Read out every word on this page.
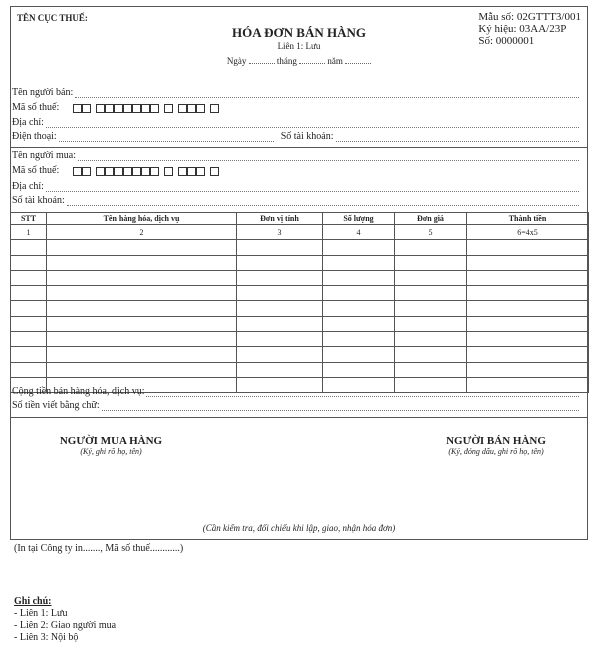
TÊN CỤC THUẾ:	Mẫu số: 02GTTT3/001
Ký hiệu: 03AA/23P
Số: 0000001
HÓA ĐƠN BÁN HÀNG
Liên 1: Lưu
Ngày	tháng	năm
Tên người bán:
Mã số thuế:
Địa chỉ:
Điện thoại:	Số tài khoản:
Tên người mua:
Mã số thuế:
Địa chỉ:
Số tài khoản:
STT	Tên hàng hóa, dịch vụ	Đơn vị tính	Số lượng	Đơn giá	Thành tiền
1	2	3	4	5	6=4x5

Cộng tiền bán hàng hóa, dịch vụ:
Số tiền viết bằng chữ:
NGƯỜI MUA HÀNG
(Ký, ghi rõ họ, tên)
NGƯỜI BÁN HÀNG
(Ký, đóng dấu, ghi rõ họ, tên)
(Cần kiểm tra, đối chiếu khi lập, giao, nhận hóa đơn)
(In tại Công ty in......., Mã số thuế............)
Ghi chú:
- Liên 1: Lưu
- Liên 2: Giao người mua
- Liên 3: Nội bộ
